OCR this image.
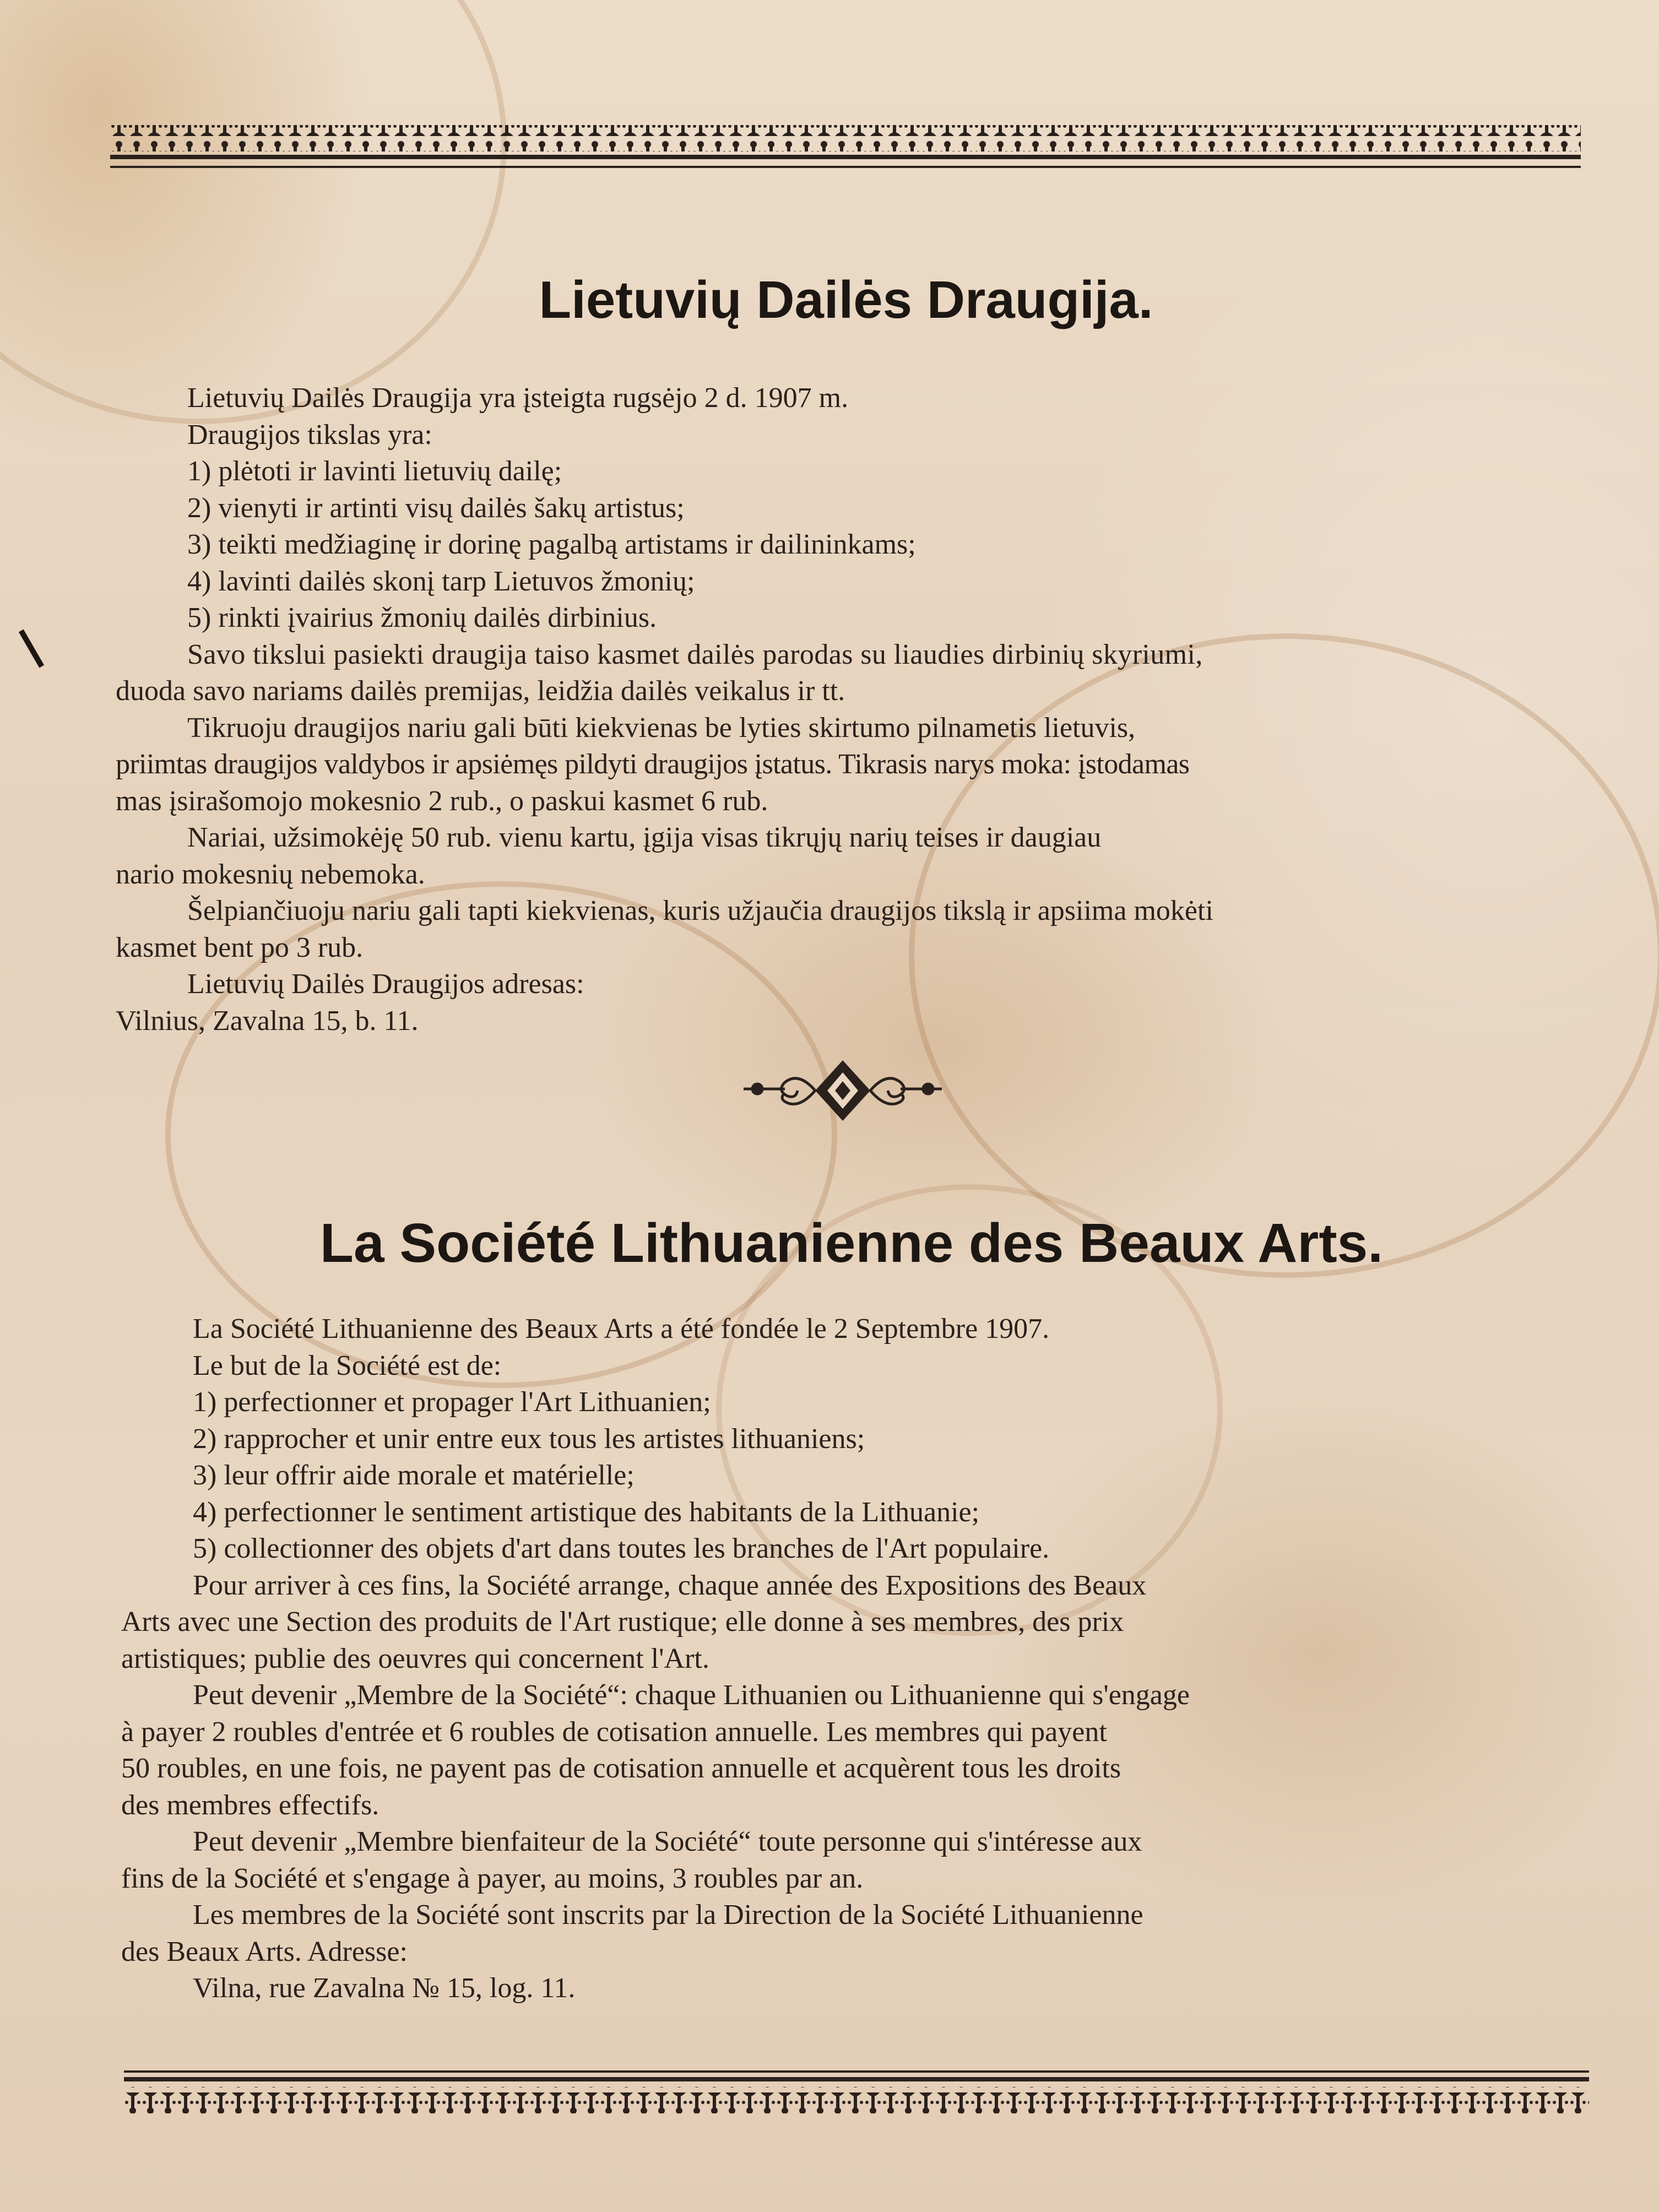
Lietuvių Dailės Draugija.
Lietuvių Dailės Draugija yra įsteigta rugsėjo 2 d. 1907 m.
Draugijos tikslas yra:
1) plėtoti ir lavinti lietuvių dailę;
2) vienyti ir artinti visų dailės šakų artistus;
3) teikti medžiaginę ir dorinę pagalbą artistams ir dailininkams;
4) lavinti dailės skonį tarp Lietuvos žmonių;
5) rinkti įvairius žmonių dailės dirbinius.
Savo tikslui pasiekti draugija taiso kasmet dailės parodas su liaudies dirbinių skyriumi,
duoda savo nariams dailės premijas, leidžia dailės veikalus ir tt.
Tikruoju draugijos nariu gali būti kiekvienas be lyties skirtumo pilnametis lietuvis,
priimtas draugijos valdybos ir apsiėmęs pildyti draugijos įstatus. Tikrasis narys moka: įstodamas
mas įsirašomojo mokesnio 2 rub., o paskui kasmet 6 rub.
Nariai, užsimokėję 50 rub. vienu kartu, įgija visas tikrųjų narių teises ir daugiau
nario mokesnių nebemoka.
Šelpiančiuoju nariu gali tapti kiekvienas, kuris užjaučia draugijos tikslą ir apsiima mokėti
kasmet bent po 3 rub.
Lietuvių Dailės Draugijos adresas:
Vilnius, Zavalna 15, b. 11.
La Société Lithuanienne des Beaux Arts.
La Société Lithuanienne des Beaux Arts a été fondée le 2 Septembre 1907.
Le but de la Société est de:
1) perfectionner et propager l'Art Lithuanien;
2) rapprocher et unir entre eux tous les artistes lithuaniens;
3) leur offrir aide morale et matérielle;
4) perfectionner le sentiment artistique des habitants de la Lithuanie;
5) collectionner des objets d'art dans toutes les branches de l'Art populaire.
Pour arriver à ces fins, la Société arrange, chaque année des Expositions des Beaux
Arts avec une Section des produits de l'Art rustique; elle donne à ses membres, des prix
artistiques; publie des oeuvres qui concernent l'Art.
Peut devenir „Membre de la Société“: chaque Lithuanien ou Lithuanienne qui s'engage
à payer 2 roubles d'entrée et 6 roubles de cotisation annuelle. Les membres qui payent
50 roubles, en une fois, ne payent pas de cotisation annuelle et acquèrent tous les droits
des membres effectifs.
Peut devenir „Membre bienfaiteur de la Société“ toute personne qui s'intéresse aux
fins de la Société et s'engage à payer, au moins, 3 roubles par an.
Les membres de la Société sont inscrits par la Direction de la Société Lithuanienne
des Beaux Arts. Adresse:
Vilna, rue Zavalna № 15, log. 11.
